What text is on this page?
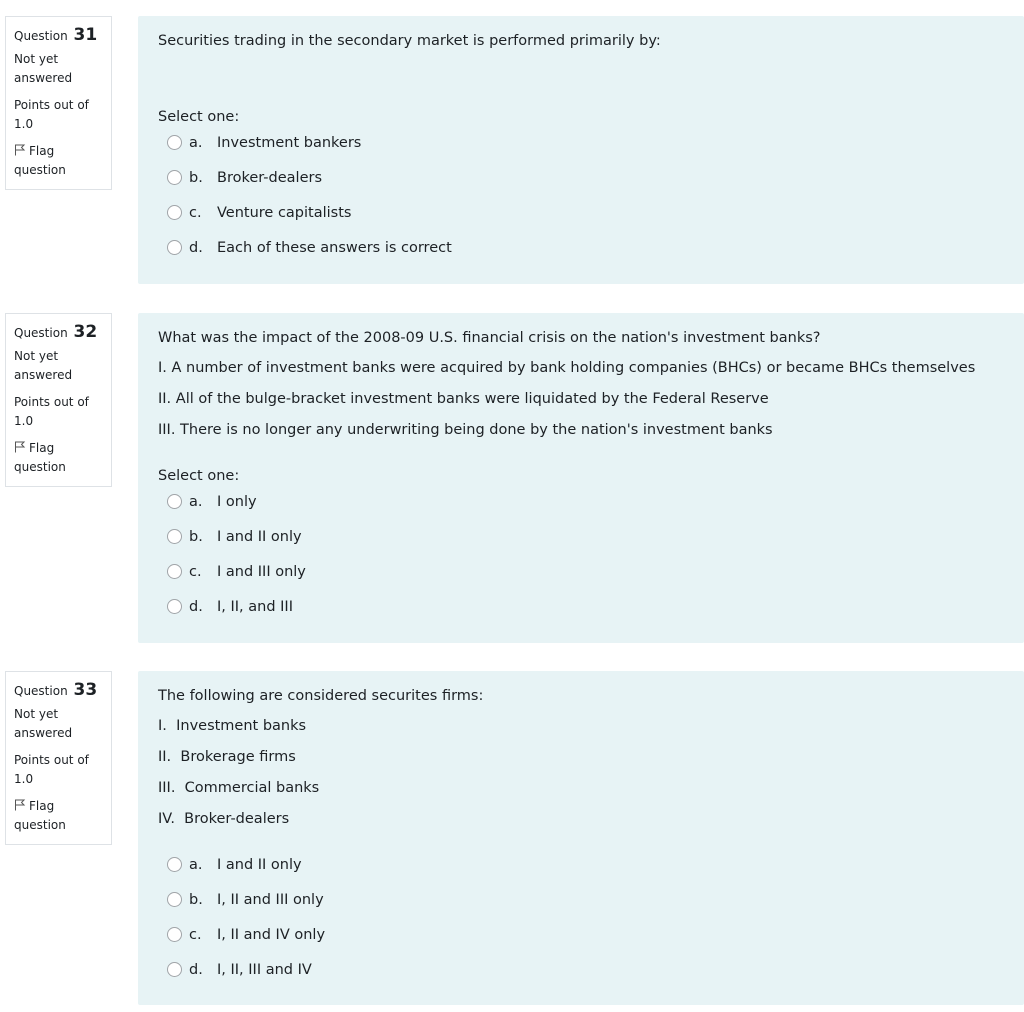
Question 31
Not yet answered
Points out of 1.0
Flag question

Securities trading in the secondary market is performed primarily by:

Select one:
a. Investment bankers
b. Broker-dealers
c. Venture capitalists
d. Each of these answers is correct
Question 32
Not yet answered
Points out of 1.0
Flag question

What was the impact of the 2008-09 U.S. financial crisis on the nation's investment banks?

I. A number of investment banks were acquired by bank holding companies (BHCs) or became BHCs themselves

II. All of the bulge-bracket investment banks were liquidated by the Federal Reserve

III. There is no longer any underwriting being done by the nation's investment banks

Select one:
a. I only
b. I and II only
c. I and III only
d. I, II, and III
Question 33
Not yet answered
Points out of 1.0
Flag question

The following are considered securites firms:

I.  Investment banks

II.  Brokerage firms

III.  Commercial banks

IV.  Broker-dealers

a. I and II only
b. I, II and III only
c. I, II and IV only
d. I, II, III and IV
